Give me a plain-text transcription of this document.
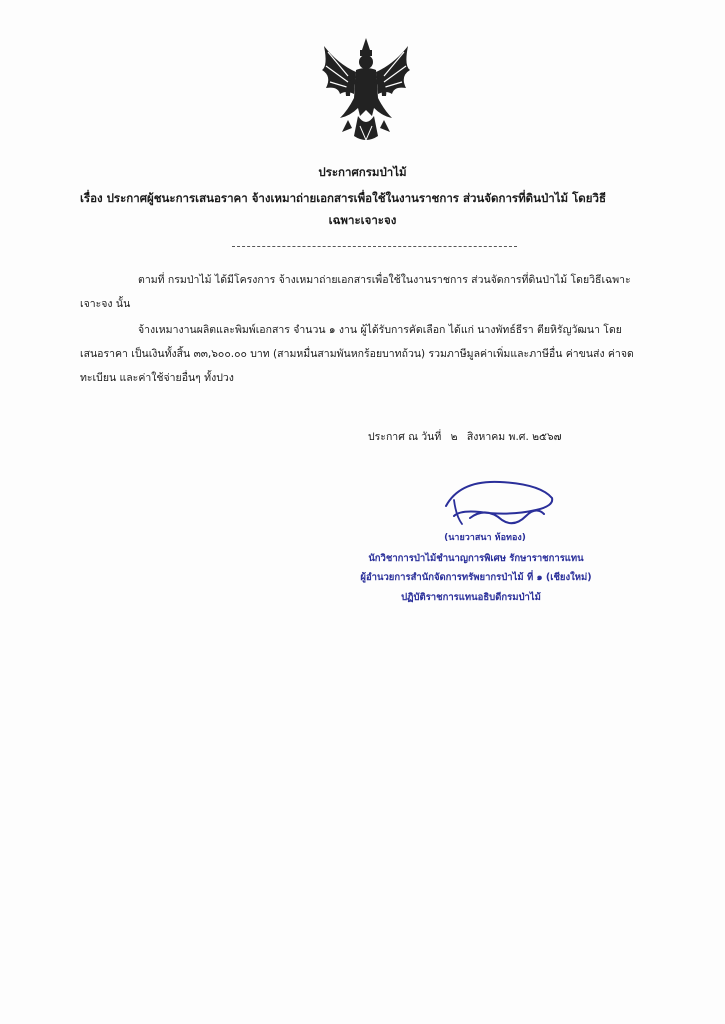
ประกาศกรมป่าไม้
เรื่อง ประกาศผู้ชนะการเสนอราคา จ้างเหมาถ่ายเอกสารเพื่อใช้ในงานราชการ ส่วนจัดการที่ดินป่าไม้ โดยวิธี
เฉพาะเจาะจง
ตามที่ กรมป่าไม้ ได้มีโครงการ จ้างเหมาถ่ายเอกสารเพื่อใช้ในงานราชการ ส่วนจัดการที่ดินป่าไม้ โดยวิธีเฉพาะเจาะจง นั้น
จ้างเหมางานผลิตและพิมพ์เอกสาร จำนวน ๑ งาน ผู้ได้รับการคัดเลือก ได้แก่ นางพัทธ์ธีรา ตียหิรัญวัฒนา โดยเสนอราคา เป็นเงินทั้งสิ้น ๓๓,๖๐๐.๐๐ บาท (สามหมื่นสามพันหกร้อยบาทถ้วน) รวมภาษีมูลค่าเพิ่มและภาษีอื่น ค่าขนส่ง ค่าจดทะเบียน และค่าใช้จ่ายอื่นๆ ทั้งปวง
ประกาศ ณ วันที่ ๒ สิงหาคม พ.ศ. ๒๕๖๗
(นายวาสนา ห้อทอง)
นักวิชาการป่าไม้ชำนาญการพิเศษ รักษาราชการแทน
ผู้อำนวยการสำนักจัดการทรัพยากรป่าไม้ ที่ ๑ (เชียงใหม่)
ปฏิบัติราชการแทนอธิบดีกรมป่าไม้
